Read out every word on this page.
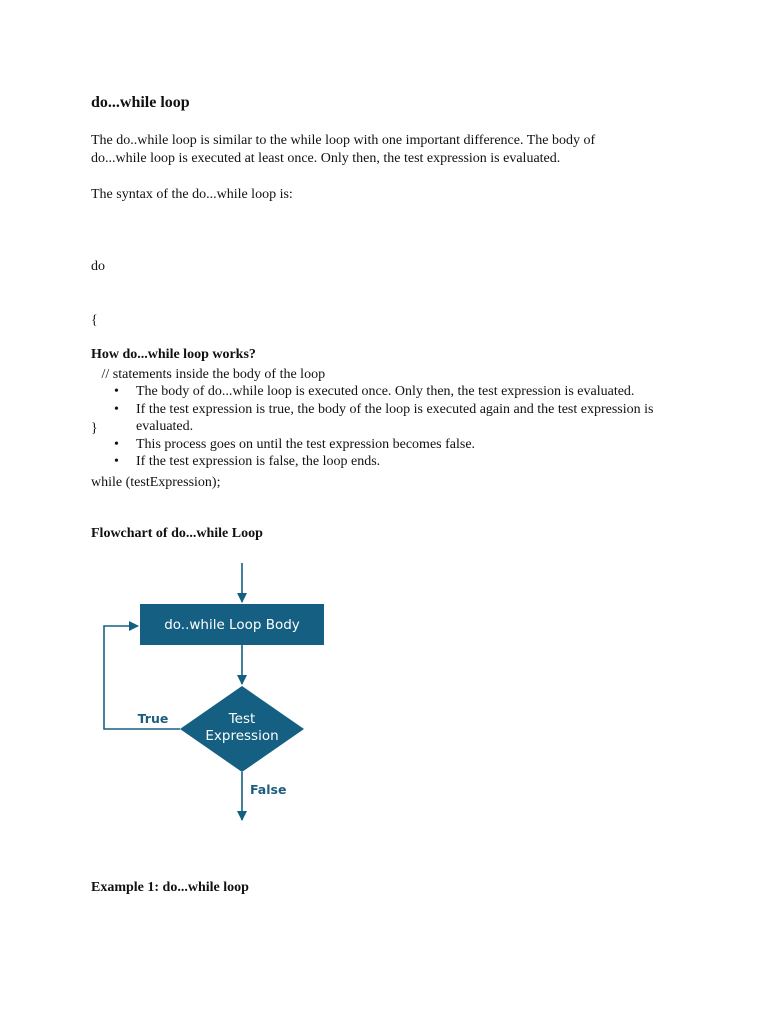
do...while loop
The do..while loop is similar to the while loop with one important difference. The body of
do...while loop is executed at least once. Only then, the test expression is evaluated.

The syntax of the do...while loop is:

do

{

// statements inside the body of the loop

}

while (testExpression);

How do...while loop works?
• The body of do...while loop is executed once. Only then, the test expression is evaluated.
• If the test expression is true, the body of the loop is executed again and the test expression is evaluated.
• This process goes on until the test expression becomes false.
• If the test expression is false, the loop ends.
Flowchart of do...while Loop
do..while Loop Body
Test
Expression
True
False
Example 1: do...while loop
